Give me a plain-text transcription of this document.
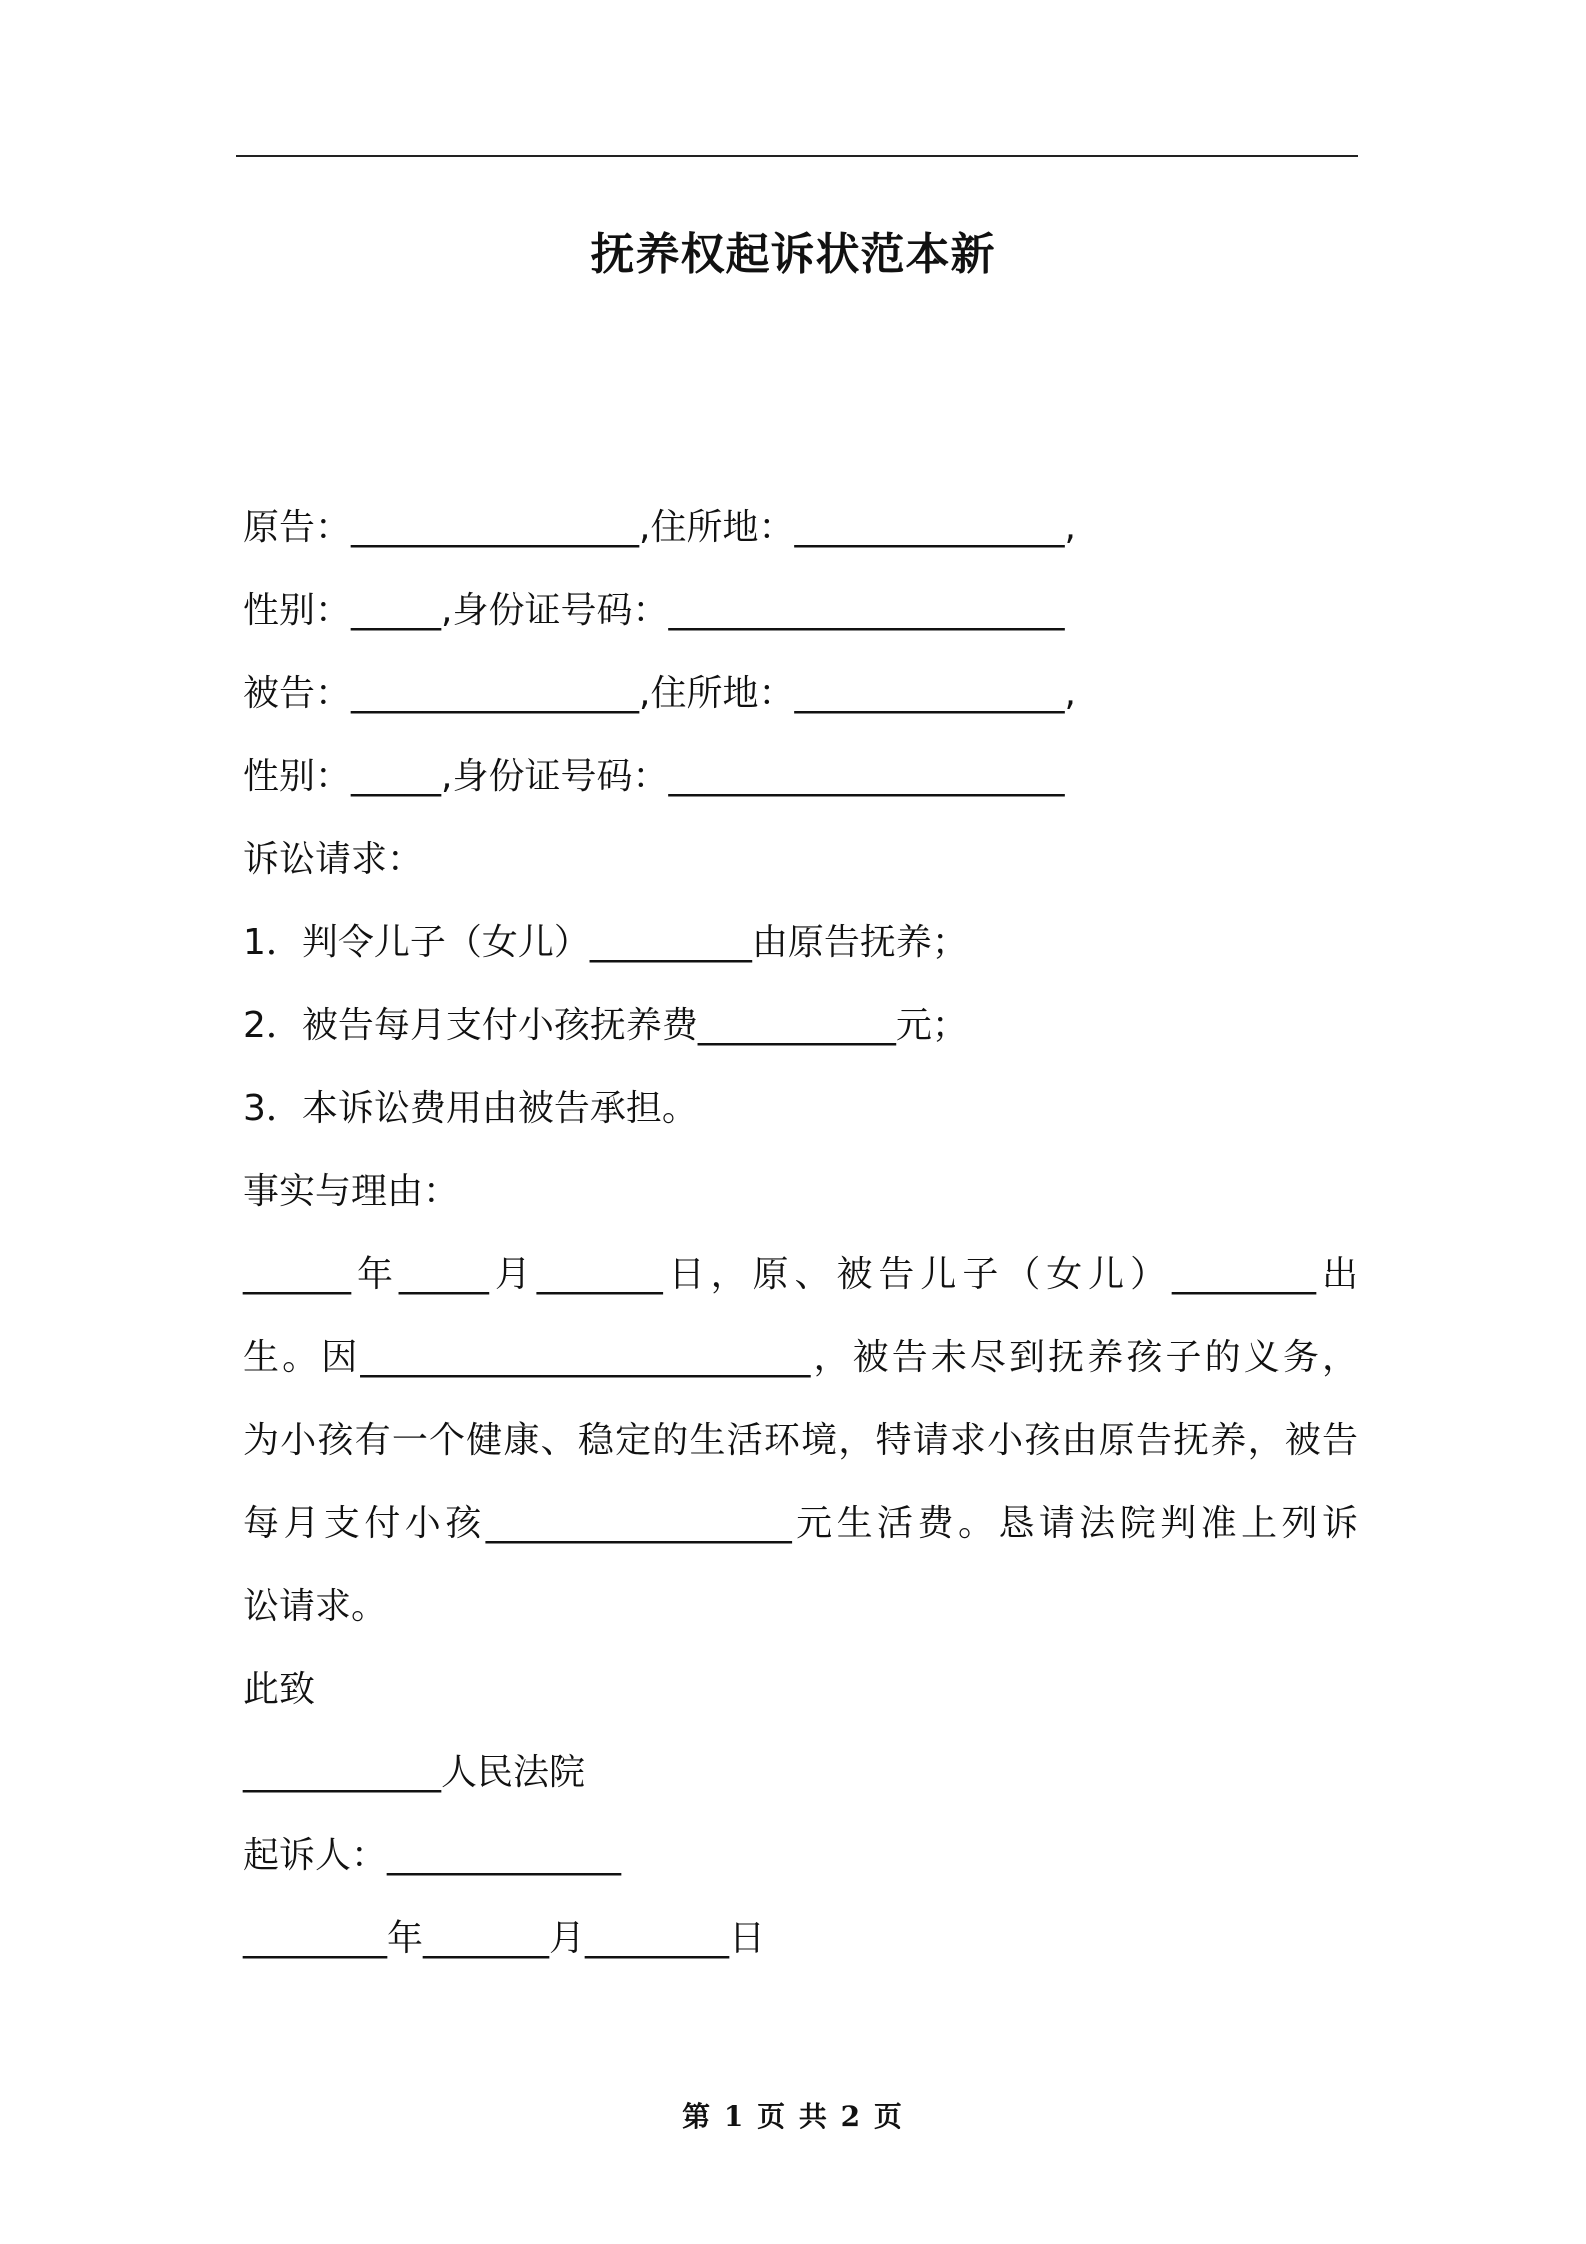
抚养权起诉状范本新
原告：________________,住所地：_______________,
性别：_____,身份证号码：______________________
被告：________________,住所地：_______________,
性别：_____,身份证号码：______________________
诉讼请求：
1．判令儿子（女儿）_________由原告抚养；
2．被告每月支付小孩抚养费___________元；
3．本诉讼费用由被告承担。
事实与理由：
______年_____月_______日，原、被告儿子（女儿）________出
生。因_________________________，被告未尽到抚养孩子的义务，
为小孩有一个健康、稳定的生活环境，特请求小孩由原告抚养，被告
每月支付小孩_________________元生活费。恳请法院判准上列诉
讼请求。
此致
___________人民法院
起诉人：_____________
________年_______月________日
第 1 页 共 2 页
